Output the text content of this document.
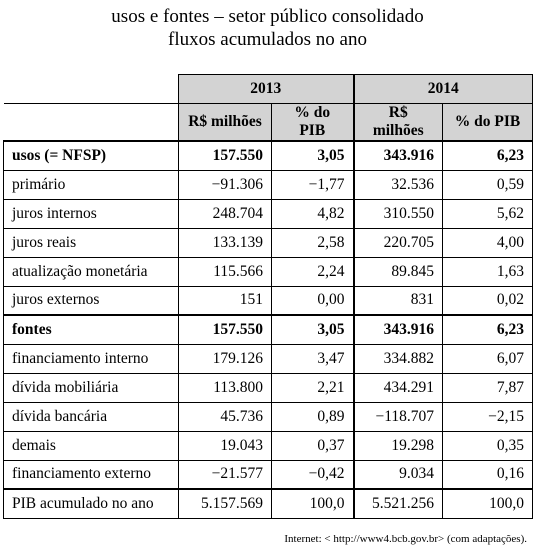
usos e fontes – setor público consolidado
fluxos acumulados no ano
	2013		2014	
	R$ milhões	% do PIB	R$ milhões	% do PIB
usos (= NFSP)	157.550	3,05	343.916	6,23
primário	−91.306	−1,77	32.536	0,59
juros internos	248.704	4,82	310.550	5,62
juros reais	133.139	2,58	220.705	4,00
atualização monetária	115.566	2,24	89.845	1,63
juros externos	151	0,00	831	0,02
fontes	157.550	3,05	343.916	6,23
financiamento interno	179.126	3,47	334.882	6,07
dívida mobiliária	113.800	2,21	434.291	7,87
dívida bancária	45.736	0,89	−118.707	−2,15
demais	19.043	0,37	19.298	0,35
financiamento externo	−21.577	−0,42	9.034	0,16
PIB acumulado no ano	5.157.569	100,0	5.521.256	100,0
Internet: < http://www4.bcb.gov.br> (com adaptações).
